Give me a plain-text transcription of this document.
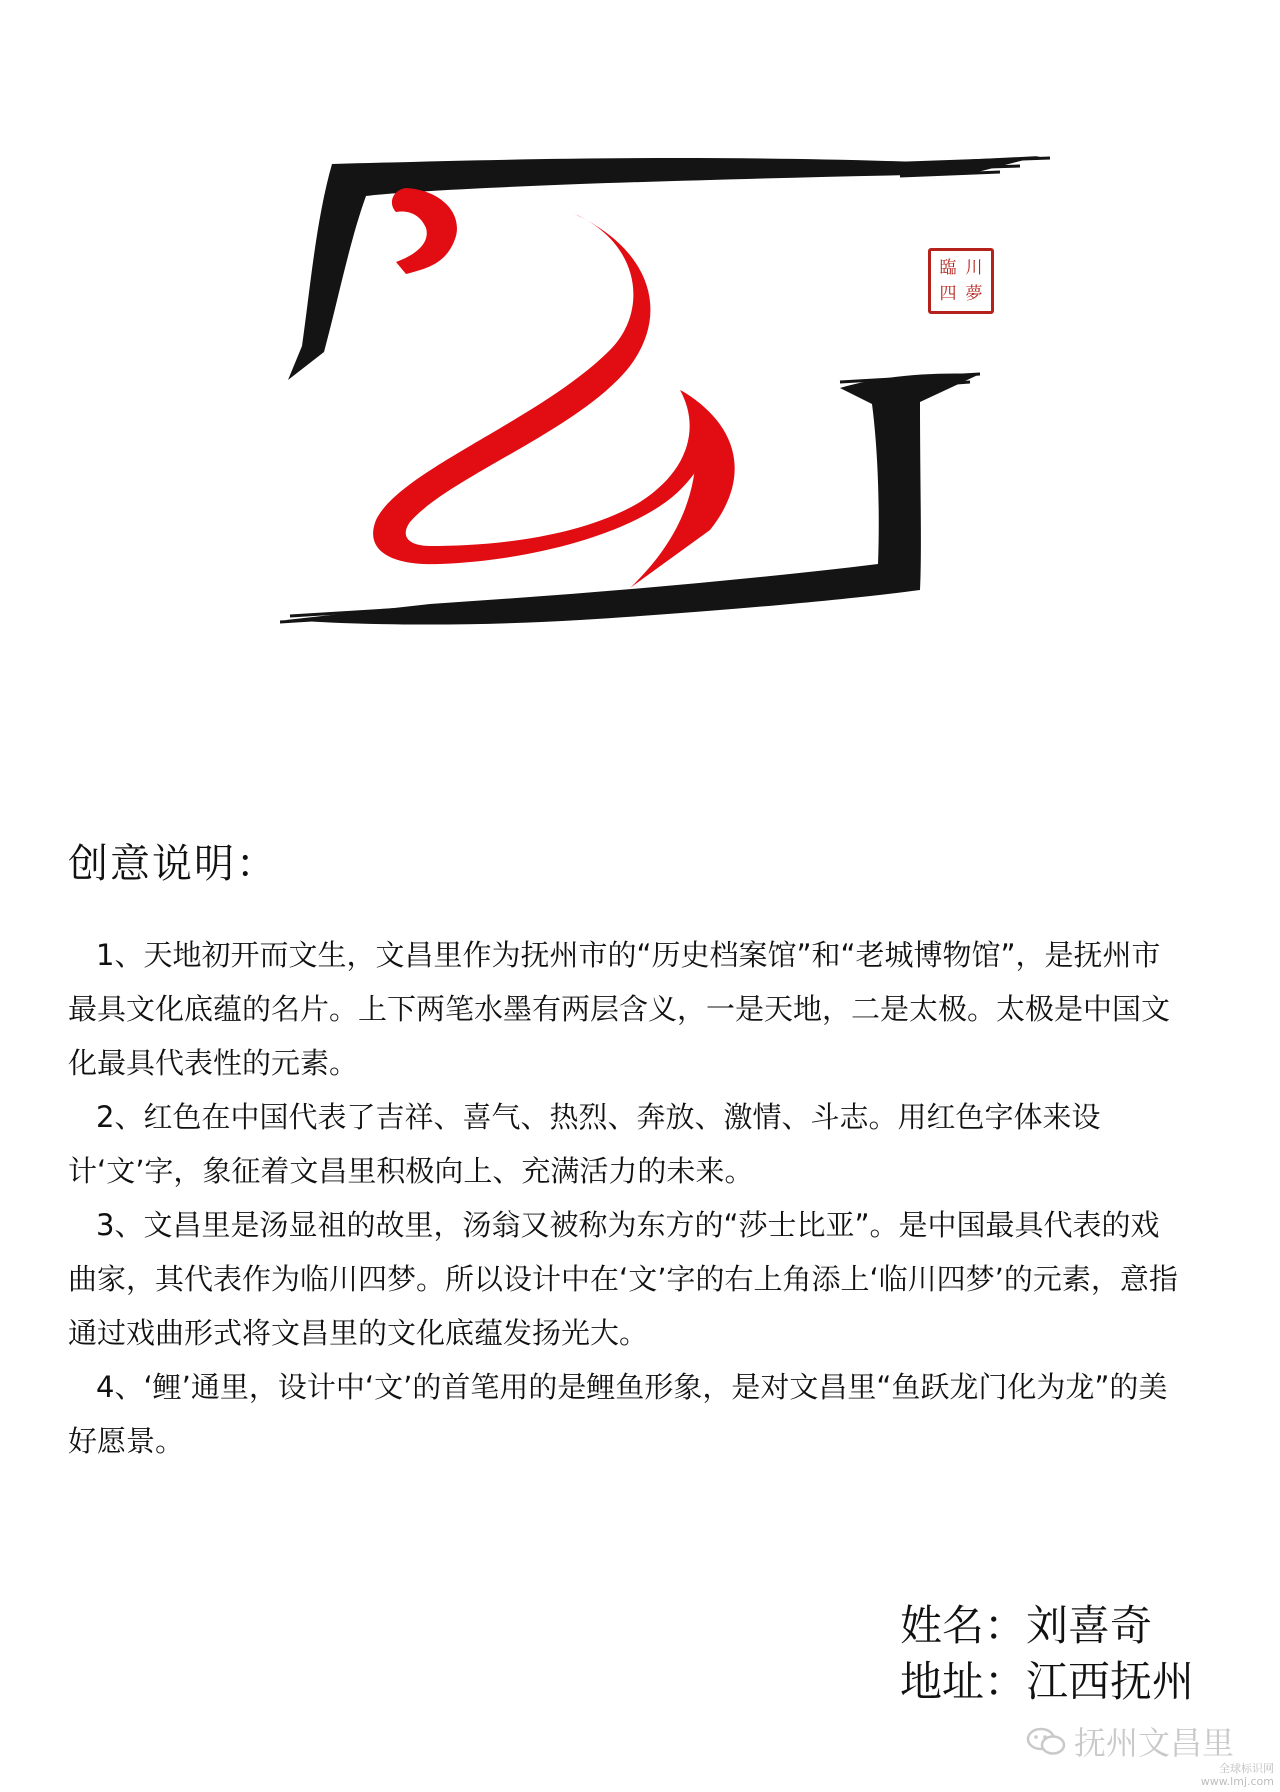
臨 川
四 夢
创意说明：

1、天地初开而文生，文昌里作为抚州市的“历史档案馆”和“老城博物馆”，是抚州市最具文化底蕴的名片。上下两笔水墨有两层含义，一是天地，二是太极。太极是中国文化最具代表性的元素。

2、红色在中国代表了吉祥、喜气、热烈、奔放、激情、斗志。用红色字体来设计‘文’字，象征着文昌里积极向上、充满活力的未来。

3、文昌里是汤显祖的故里，汤翁又被称为东方的“莎士比亚”。是中国最具代表的戏曲家，其代表作为临川四梦。所以设计中在‘文’字的右上角添上‘临川四梦’的元素，意指通过戏曲形式将文昌里的文化底蕴发扬光大。

4、‘鲤’通里，设计中‘文’的首笔用的是鲤鱼形象，是对文昌里“鱼跃龙门化为龙”的美好愿景。

姓名：刘喜奇
地址：江西抚州
抚州文昌里
全球标识网
www.lmj.com
